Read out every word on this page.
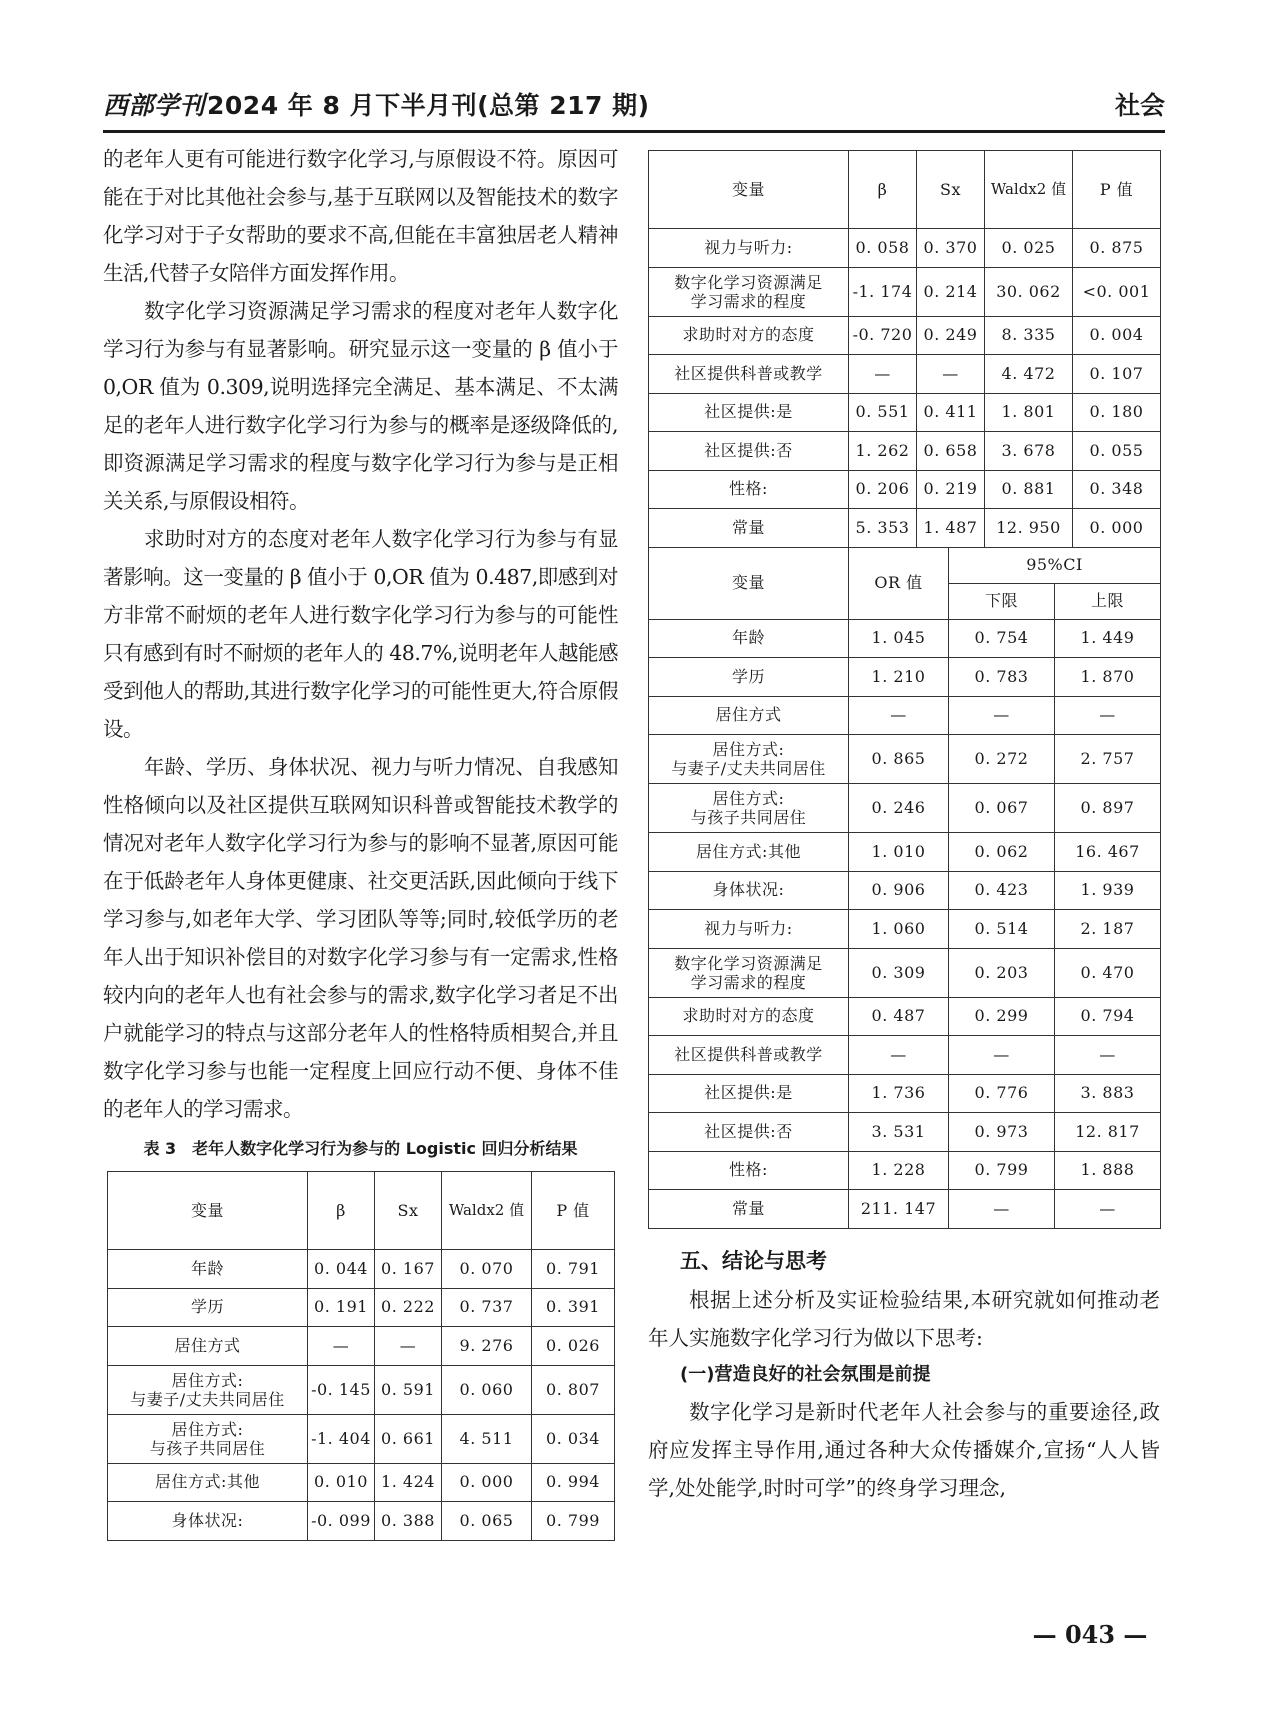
西部学刊2024 年 8 月下半月刊(总第 217 期)	社会

的老年人更有可能进行数字化学习,与原假设不符。原因可能在于对比其他社会参与,基于互联网以及智能技术的数字化学习对于子女帮助的要求不高,但能在丰富独居老人精神生活,代替子女陪伴方面发挥作用。

数字化学习资源满足学习需求的程度对老年人数字化学习行为参与有显著影响。研究显示这一变量的 β 值小于 0,OR 值为 0.309,说明选择完全满足、基本满足、不太满足的老年人进行数字化学习行为参与的概率是逐级降低的,即资源满足学习需求的程度与数字化学习行为参与是正相关关系,与原假设相符。

求助时对方的态度对老年人数字化学习行为参与有显著影响。这一变量的 β 值小于 0,OR 值为 0.487,即感到对方非常不耐烦的老年人进行数字化学习行为参与的可能性只有感到有时不耐烦的老年人的 48.7%,说明老年人越能感受到他人的帮助,其进行数字化学习的可能性更大,符合原假设。

年龄、学历、身体状况、视力与听力情况、自我感知性格倾向以及社区提供互联网知识科普或智能技术教学的情况对老年人数字化学习行为参与的影响不显著,原因可能在于低龄老年人身体更健康、社交更活跃,因此倾向于线下学习参与,如老年大学、学习团队等等;同时,较低学历的老年人出于知识补偿目的对数字化学习参与有一定需求,性格较内向的老年人也有社会参与的需求,数字化学习者足不出户就能学习的特点与这部分老年人的性格特质相契合,并且数字化学习参与也能一定程度上回应行动不便、身体不佳的老年人的学习需求。

表 3　老年人数字化学习行为参与的 Logistic 回归分析结果
变量	β	Sx	Waldx2 值	P 值
年龄	0. 044	0. 167	0. 070	0. 791
学历	0. 191	0. 222	0. 737	0. 391
居住方式	—	—	9. 276	0. 026
居住方式:
与妻子/丈夫共同居住	-0. 145	0. 591	0. 060	0. 807
居住方式:
与孩子共同居住	-1. 404	0. 661	4. 511	0. 034
居住方式:其他	0. 010	1. 424	0. 000	0. 994
身体状况:	-0. 099	0. 388	0. 065	0. 799
变量	β	Sx	Waldx2 值	P 值
视力与听力:	0. 058	0. 370	0. 025	0. 875
数字化学习资源满足
学习需求的程度	-1. 174	0. 214	30. 062	<0. 001
求助时对方的态度	-0. 720	0. 249	8. 335	0. 004
社区提供科普或教学	—	—	4. 472	0. 107
社区提供:是	0. 551	0. 411	1. 801	0. 180
社区提供:否	1. 262	0. 658	3. 678	0. 055
性格:	0. 206	0. 219	0. 881	0. 348
常量	5. 353	1. 487	12. 950	0. 000
变量	OR 值	95%CI	
		下限	上限
年龄	1. 045	0. 754	1. 449
学历	1. 210	0. 783	1. 870
居住方式	—	—	—
居住方式:
与妻子/丈夫共同居住	0. 865	0. 272	2. 757
居住方式:
与孩子共同居住	0. 246	0. 067	0. 897
居住方式:其他	1. 010	0. 062	16. 467
身体状况:	0. 906	0. 423	1. 939
视力与听力:	1. 060	0. 514	2. 187
数字化学习资源满足
学习需求的程度	0. 309	0. 203	0. 470
求助时对方的态度	0. 487	0. 299	0. 794
社区提供科普或教学	—	—	—
社区提供:是	1. 736	0. 776	3. 883
社区提供:否	3. 531	0. 973	12. 817
性格:	1. 228	0. 799	1. 888
常量	211. 147	—	—

五、结论与思考

根据上述分析及实证检验结果,本研究就如何推动老年人实施数字化学习行为做以下思考:

(一)营造良好的社会氛围是前提

数字化学习是新时代老年人社会参与的重要途径,政府应发挥主导作用,通过各种大众传播媒介,宣扬“人人皆学,处处能学,时时可学”的终身学习理念,

— 043 —
